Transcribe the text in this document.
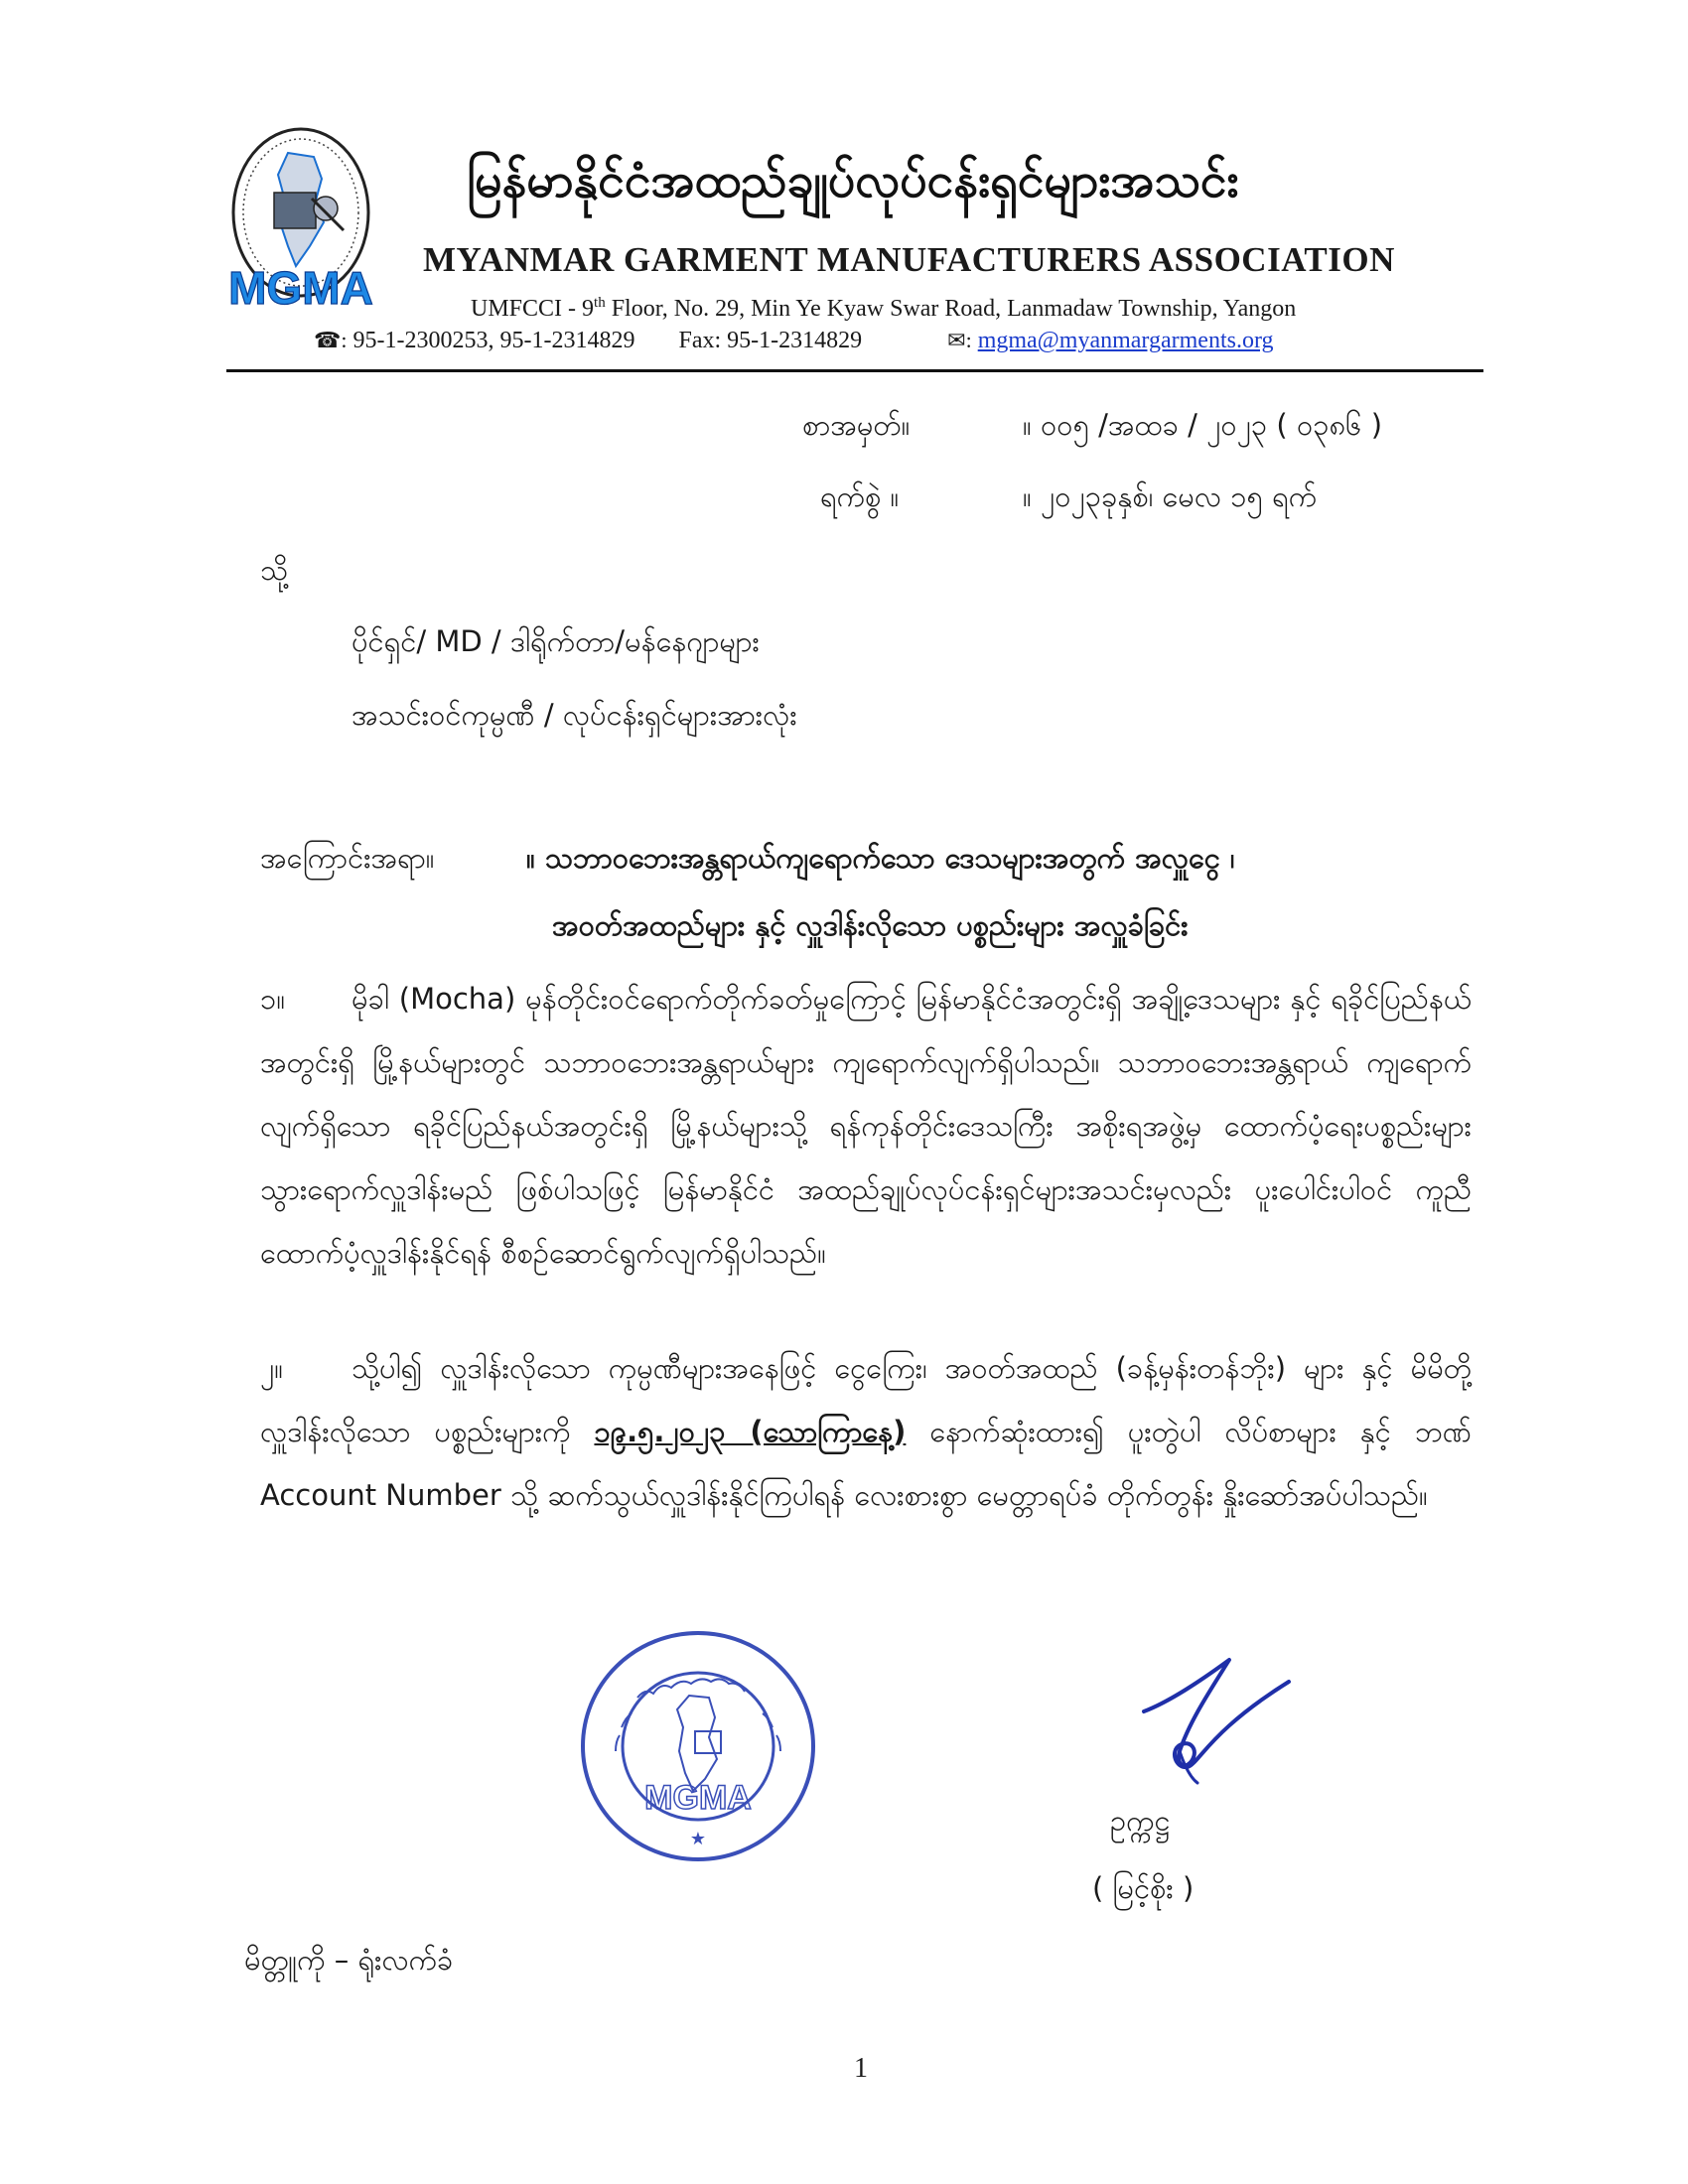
MGMA
မြန်မာနိုင်ငံအထည်ချုပ်လုပ်ငန်းရှင်များအသင်း
MYANMAR GARMENT MANUFACTURERS ASSOCIATION
UMFCCI - 9th Floor, No. 29, Min Ye Kyaw Swar Road, Lanmadaw Township, Yangon
☎: 95-1-2300253, 95-1-2314829 Fax: 95-1-2314829	✉: mgma@myanmargarments.org
စာအမှတ်။	။ ၀၀၅ /အထခ / ၂၀၂၃ ( ၀၃၈၆ )
ရက်စွဲ ။	။ ၂၀၂၃ခုနှစ်၊ မေလ ၁၅ ရက်
သို့
ပိုင်ရှင်/ MD / ဒါရိုက်တာ/မန်နေဂျာများ
အသင်းဝင်ကုမ္ပဏီ / လုပ်ငန်းရှင်များအားလုံး
အကြောင်းအရာ။	။ သဘာဝဘေးအန္တရာယ်ကျရောက်သော ဒေသများအတွက် အလှူငွေ ၊
အဝတ်အထည်များ နှင့် လှူဒါန်းလိုသော ပစ္စည်းများ အလှူခံခြင်း
၁။ မိုခါ (Mocha) မုန်တိုင်းဝင်ရောက်တိုက်ခတ်မှုကြောင့် မြန်မာနိုင်ငံအတွင်းရှိ အချို့ဒေသများ နှင့် ရခိုင်ပြည်နယ်အတွင်းရှိ မြို့နယ်များတွင် သဘာဝဘေးအန္တရာယ်များ ကျရောက်လျက်ရှိပါသည်။ သဘာဝဘေးအန္တရာယ် ကျရောက်လျက်ရှိသော ရခိုင်ပြည်နယ်အတွင်းရှိ မြို့နယ်များသို့ ရန်ကုန်တိုင်းဒေသကြီး အစိုးရအဖွဲ့မှ ထောက်ပံ့ရေးပစ္စည်းများ သွားရောက်လှူဒါန်းမည် ဖြစ်ပါသဖြင့် မြန်မာနိုင်ငံ အထည်ချုပ်လုပ်ငန်းရှင်များအသင်းမှလည်း ပူးပေါင်းပါဝင် ကူညီထောက်ပံ့လှူဒါန်းနိုင်ရန် စီစဉ်ဆောင်ရွက်လျက်ရှိပါသည်။
၂။ သို့ပါ၍ လှူဒါန်းလိုသော ကုမ္ပဏီများအနေဖြင့် ငွေကြေး၊ အဝတ်အထည် (ခန့်မှန်းတန်ဘိုး) များ နှင့် မိမိတို့ လှူဒါန်းလိုသော ပစ္စည်းများကို ၁၉.၅.၂၀၂၃ (သောကြာနေ့) နောက်ဆုံးထား၍ ပူးတွဲပါ လိပ်စာများ နှင့် ဘဏ် Account Number သို့ ဆက်သွယ်လှူဒါန်းနိုင်ကြပါရန် လေးစားစွာ မေတ္တာရပ်ခံ တိုက်တွန်း နှိုးဆော်အပ်ပါသည်။
MGMA
★
ဥက္ကဋ္ဌ
( မြင့်စိုး )
မိတ္တူကို – ရုံးလက်ခံ
1
